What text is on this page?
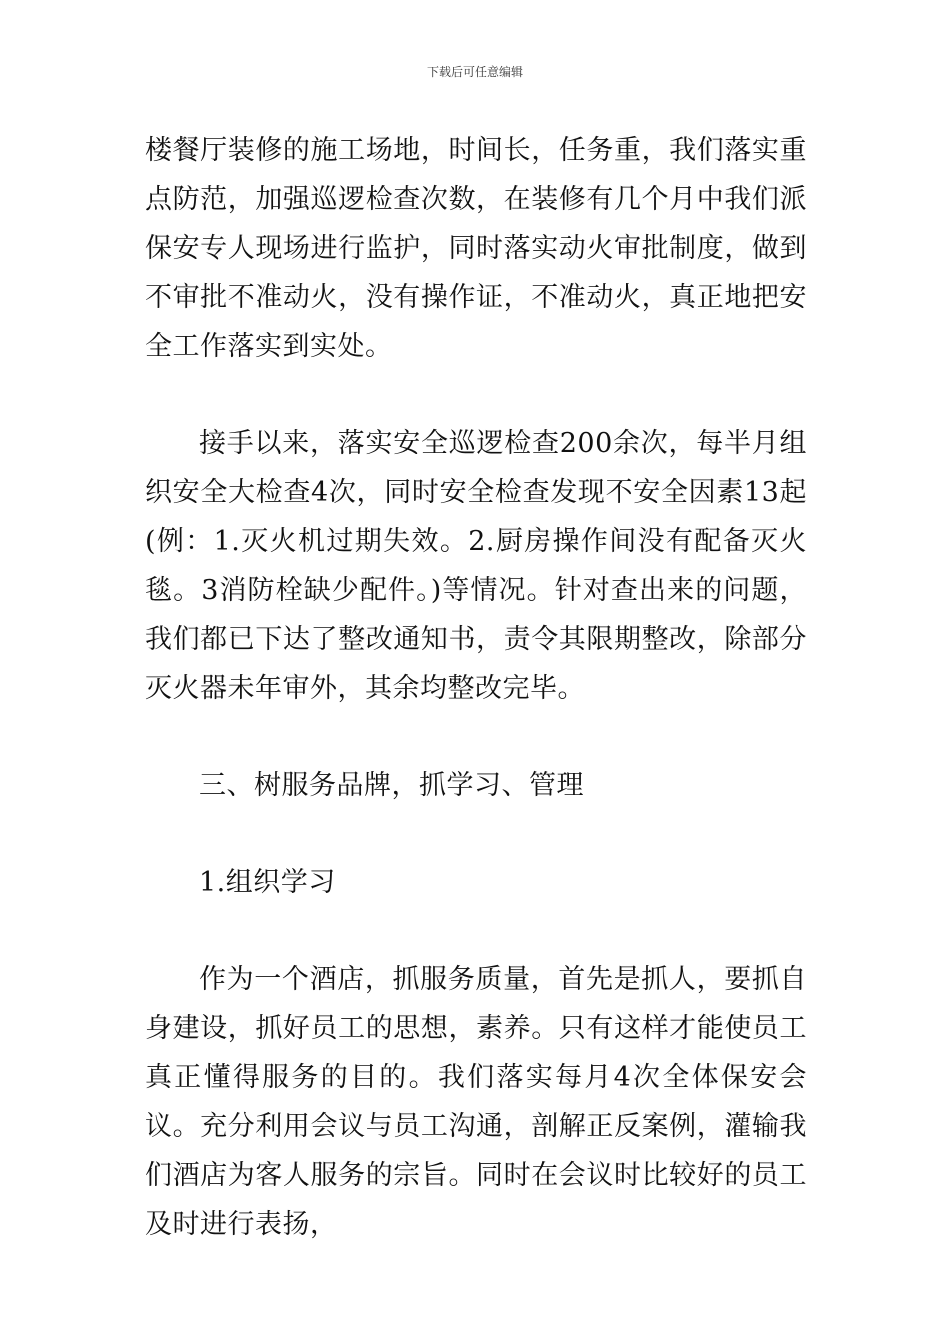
下载后可任意编辑

楼餐厅装修的施工场地，时间长，任务重，我们落实重点防范，加强巡逻检查次数，在装修有几个月中我们派保安专人现场进行监护，同时落实动火审批制度，做到不审批不准动火，没有操作证，不准动火，真正地把安全工作落实到实处。

接手以来，落实安全巡逻检查200余次，每半月组织安全大检查4次，同时安全检查发现不安全因素13起(例：1.灭火机过期失效。2.厨房操作间没有配备灭火毯。3消防栓缺少配件。)等情况。针对查出来的问题，我们都已下达了整改通知书，责令其限期整改，除部分灭火器未年审外，其余均整改完毕。

三、树服务品牌，抓学习、管理

1.组织学习

作为一个酒店，抓服务质量，首先是抓人，要抓自身建设，抓好员工的思想，素养。只有这样才能使员工真正懂得服务的目的。我们落实每月4次全体保安会议。充分利用会议与员工沟通，剖解正反案例，灌输我们酒店为客人服务的宗旨。同时在会议时比较好的员工及时进行表扬，
